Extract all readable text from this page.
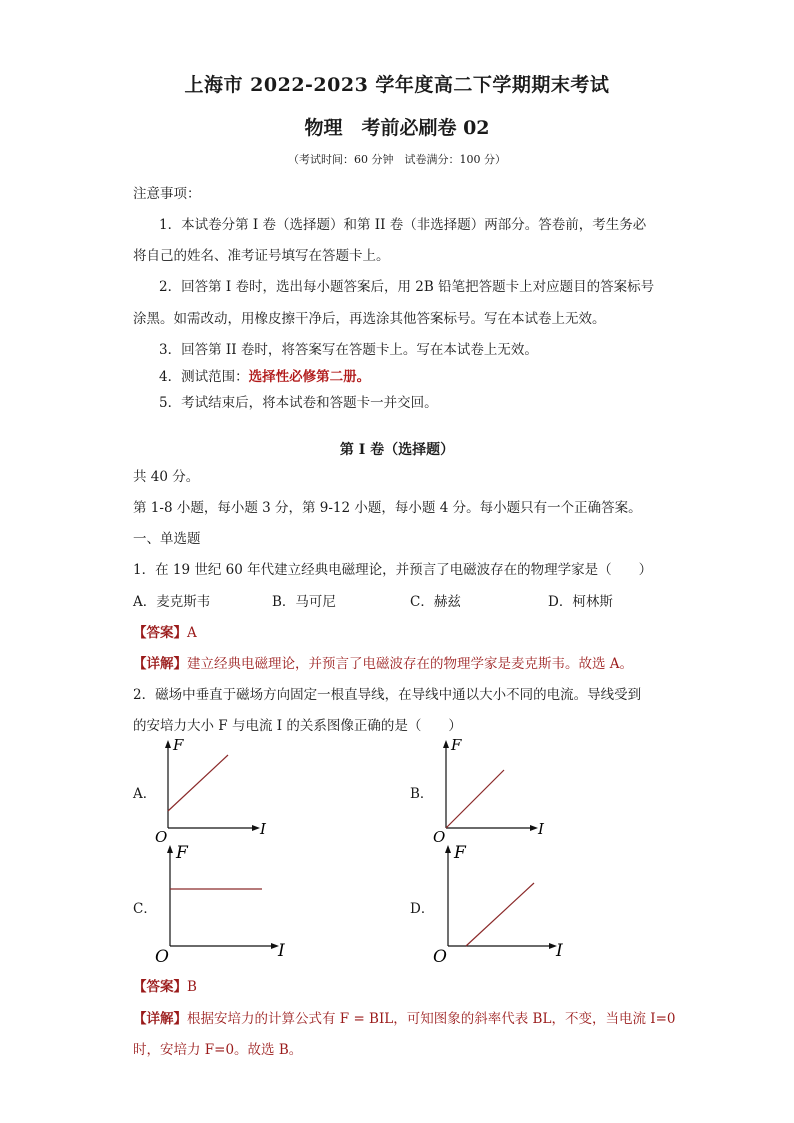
上海市 2022-2023 学年度高二下学期期末考试
物理　考前必刷卷 02
（考试时间：60 分钟　试卷满分：100 分）
注意事项：
1．本试卷分第 I 卷（选择题）和第 II 卷（非选择题）两部分。答卷前，考生务必
将自己的姓名、准考证号填写在答题卡上。
2．回答第 I 卷时，选出每小题答案后，用 2B 铅笔把答题卡上对应题目的答案标号
涂黑。如需改动，用橡皮擦干净后，再选涂其他答案标号。写在本试卷上无效。
3．回答第 II 卷时，将答案写在答题卡上。写在本试卷上无效。
4．测试范围：选择性必修第二册。
5．考试结束后，将本试卷和答题卡一并交回。
第 I 卷（选择题）
共 40 分。
第 1-8 小题，每小题 3 分，第 9-12 小题，每小题 4 分。每小题只有一个正确答案。
一、单选题
1．在 19 世纪 60 年代建立经典电磁理论，并预言了电磁波存在的物理学家是（　　）
A．麦克斯韦	B．马可尼	C．赫兹	D．柯林斯
【答案】A
【详解】建立经典电磁理论，并预言了电磁波存在的物理学家是麦克斯韦。故选 A。
2．磁场中垂直于磁场方向固定一根直导线，在导线中通以大小不同的电流。导线受到
的安培力大小 F 与电流 I 的关系图像正确的是（　　）
A．	B．
C．	D．
F
I
O
F
I
O
F
I
O
F
I
O
【答案】B
【详解】根据安培力的计算公式有 F = BIL，可知图象的斜率代表 BL，不变，当电流 I=0
时，安培力 F=0。故选 B。
